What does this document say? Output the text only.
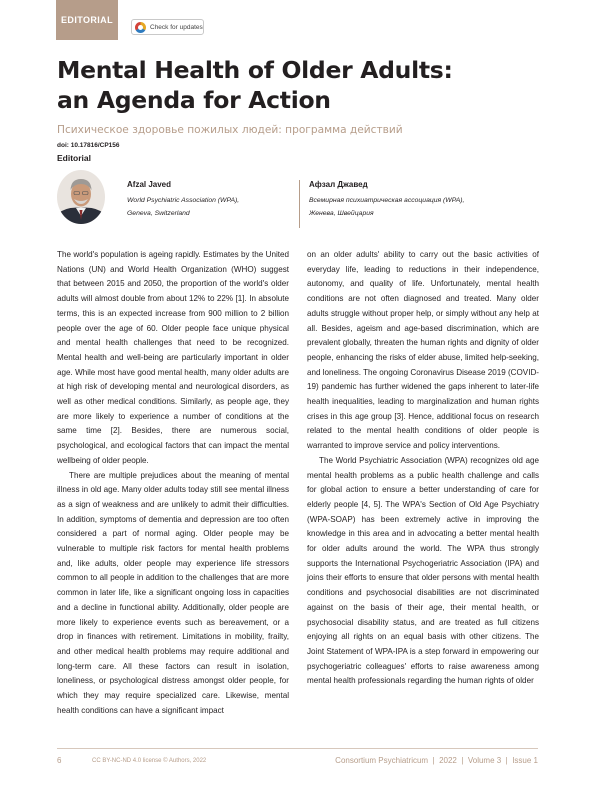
EDITORIAL
Check for updates
Mental Health of Older Adults:
an Agenda for Action
Психическое здоровье пожилых людей: программа действий
doi: 10.17816/CP156
Editorial
Afzal Javed
World Psychiatric Association (WPA),
Geneva, Switzerland
Афзал Джавед
Всемирная психиатрическая ассоциация (WPA),
Женева, Швейцария

The world's population is ageing rapidly. Estimates by the United Nations (UN) and World Health Organization (WHO) suggest that between 2015 and 2050, the proportion of the world's older adults will almost double from about 12% to 22% [1]. In absolute terms, this is an expected increase from 900 million to 2 billion people over the age of 60. Older people face unique physical and mental health challenges that need to be recognized. Mental health and well-being are particularly important in older age. While most have good mental health, many older adults are at high risk of developing mental and neurological disorders, as well as other medical conditions. Similarly, as people age, they are more likely to experience a number of conditions at the same time [2]. Besides, there are numerous social, psychological, and ecological factors that can impact the mental wellbeing of older people.

There are multiple prejudices about the meaning of mental illness in old age. Many older adults today still see mental illness as a sign of weakness and are unlikely to admit their difficulties. In addition, symptoms of dementia and depression are too often considered a part of normal aging. Older people may be vulnerable to multiple risk factors for mental health problems and, like adults, older people may experience life stressors common to all people in addition to the challenges that are more common in later life, like a significant ongoing loss in capacities and a decline in functional ability. Additionally, older people are more likely to experience events such as bereavement, or a drop in finances with retirement. Limitations in mobility, frailty, and other medical health problems may require additional and long-term care. All these factors can result in isolation, loneliness, or psychological distress amongst older people, for which they may require specialized care. Likewise, mental health conditions can have a significant impact

on an older adults' ability to carry out the basic activities of everyday life, leading to reductions in their independence, autonomy, and quality of life. Unfortunately, mental health conditions are not often diagnosed and treated. Many older adults struggle without proper help, or simply without any help at all. Besides, ageism and age-based discrimination, which are prevalent globally, threaten the human rights and dignity of older people, enhancing the risks of elder abuse, limited help-seeking, and loneliness. The ongoing Coronavirus Disease 2019 (COVID-19) pandemic has further widened the gaps inherent to later-life health inequalities, leading to marginalization and human rights crises in this age group [3]. Hence, additional focus on research related to the mental health conditions of older people is warranted to improve service and policy interventions.

The World Psychiatric Association (WPA) recognizes old age mental health problems as a public health challenge and calls for global action to ensure a better understanding of care for elderly people [4, 5]. The WPA's Section of Old Age Psychiatry (WPA-SOAP) has been extremely active in improving the knowledge in this area and in advocating a better mental health for older adults around the world. The WPA thus strongly supports the International Psychogeriatric Association (IPA) and joins their efforts to ensure that older persons with mental health conditions and psychosocial disabilities are not discriminated against on the basis of their age, their mental health, or psychosocial disability status, and are treated as full citizens enjoying all rights on an equal basis with other citizens. The Joint Statement of WPA-IPA is a step forward in empowering our psychogeriatric colleagues' efforts to raise awareness among mental health professionals regarding the human rights of older

6	CC BY-NC-ND 4.0 license © Authors, 2022	Consortium Psychiatricum | 2022 | Volume 3 | Issue 1
